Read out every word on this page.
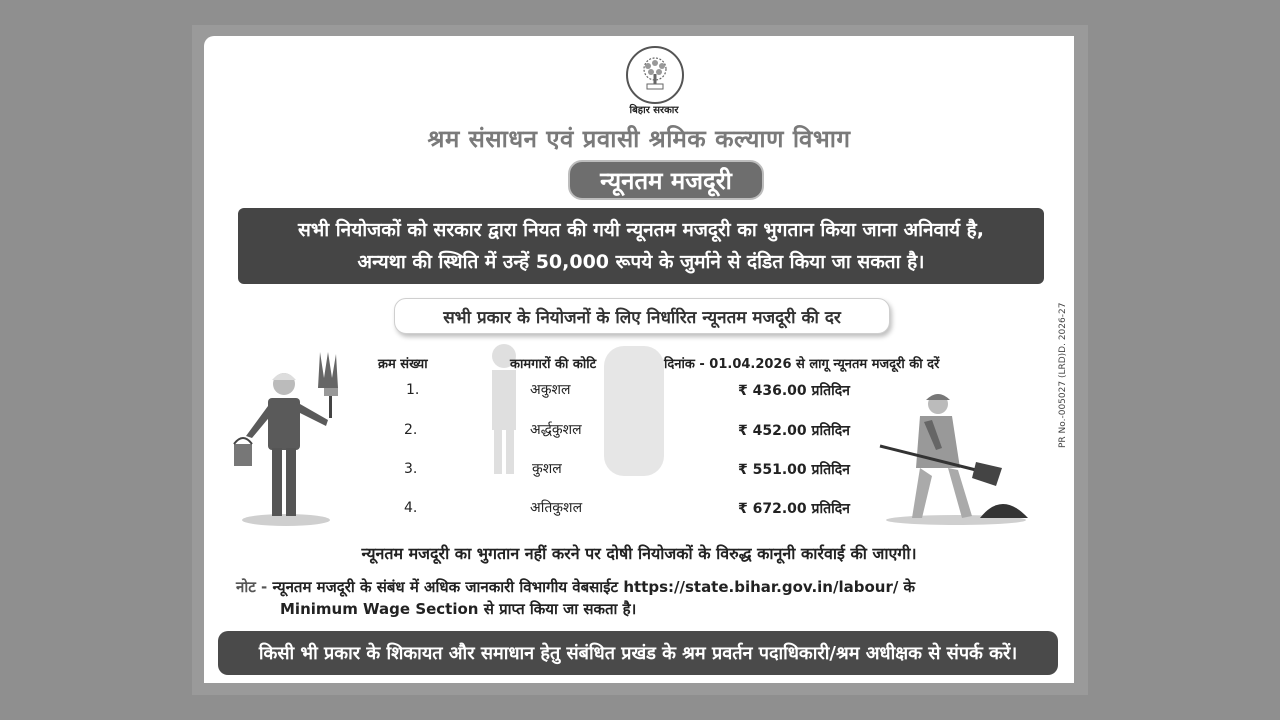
बिहार सरकार
श्रम संसाधन एवं प्रवासी श्रमिक कल्याण विभाग
न्यूनतम मजदूरी
सभी नियोजकों को सरकार द्वारा नियत की गयी न्यूनतम मजदूरी का भुगतान किया जाना अनिवार्य है,
अन्यथा की स्थिति में उन्हें 50,000 रूपये के जुर्माने से दंडित किया जा सकता है।
सभी प्रकार के नियोजनों के लिए निर्धारित न्यूनतम मजदूरी की दर
क्रम संख्या	कामगारों की कोटि	दिनांक - 01.04.2026 से लागू न्यूनतम मजदूरी की दरें
1.	अकुशल	₹ 436.00 प्रतिदिन
2.	अर्द्धकुशल	₹ 452.00 प्रतिदिन
3.	कुशल	₹ 551.00 प्रतिदिन
4.	अतिकुशल	₹ 672.00 प्रतिदिन
न्यूनतम मजदूरी का भुगतान नहीं करने पर दोषी नियोजकों के विरुद्ध कानूनी कार्रवाई की जाएगी।
नोट - न्यूनतम मजदूरी के संबंध में अधिक जानकारी विभागीय वेबसाईट https://state.bihar.gov.in/labour/ के
Minimum Wage Section से प्राप्त किया जा सकता है।
किसी भी प्रकार के शिकायत और समाधान हेतु संबंधित प्रखंड के श्रम प्रवर्तन पदाधिकारी/श्रम अधीक्षक से संपर्क करें।
PR No.-005027 (LRD)D. 2026-27
